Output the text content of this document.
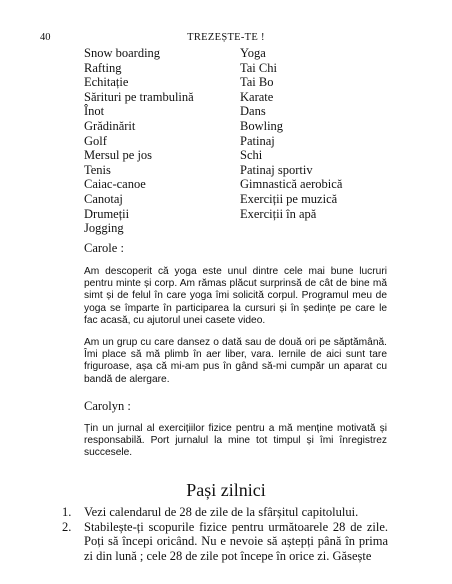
40	TREZEȘTE-TE !
Snow boarding
Rafting
Echitație
Sărituri pe trambulină
Înot
Grădinărit
Golf
Mersul pe jos
Tenis
Caiac-canoe
Canotaj
Drumeții
Jogging
Yoga
Tai Chi
Tai Bo
Karate
Dans
Bowling
Patinaj
Schi
Patinaj sportiv
Gimnastică aerobică
Exerciții pe muzică
Exerciții în apă
Carole :

Am descoperit că yoga este unul dintre cele mai bune lucruri pentru minte și corp. Am rămas plăcut surprinsă de cât de bine mă simt și de felul în care yoga îmi solicită corpul. Programul meu de yoga se împarte în participarea la cursuri și în ședințe pe care le fac acasă, cu ajutorul unei casete video.

Am un grup cu care dansez o dată sau de două ori pe săptămână. Îmi place să mă plimb în aer liber, vara. Iernile de aici sunt tare friguroase, așa că mi-am pus în gând să-mi cumpăr un aparat cu bandă de alergare.

Carolyn :

Țin un jurnal al exercițiilor fizice pentru a mă menține motivată și responsabilă. Port jurnalul la mine tot timpul și îmi înregistrez succesele.

Pași zilnici
1.	Vezi calendarul de 28 de zile de la sfârșitul capitolului.
2.	Stabilește-ți scopurile fizice pentru următoarele 28 de zile. Poți să începi oricând. Nu e nevoie să aștepți până în prima zi din lună ; cele 28 de zile pot începe în orice zi. Găsește
